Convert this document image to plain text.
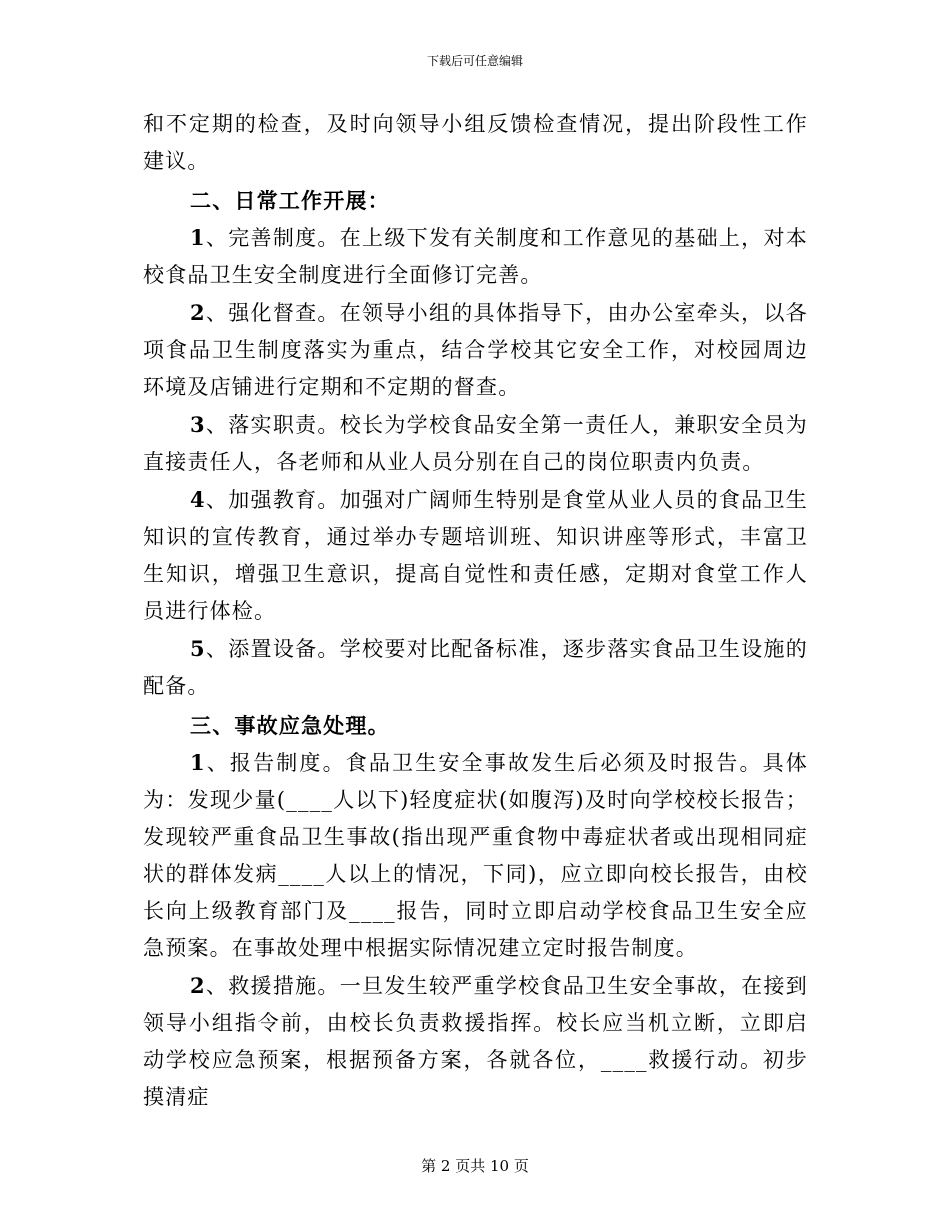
下载后可任意编辑

和不定期的检查，及时向领导小组反馈检查情况，提出阶段性工作建议。

二、日常工作开展：

1、完善制度。在上级下发有关制度和工作意见的基础上，对本校食品卫生安全制度进行全面修订完善。

2、强化督查。在领导小组的具体指导下，由办公室牵头，以各项食品卫生制度落实为重点，结合学校其它安全工作，对校园周边环境及店铺进行定期和不定期的督查。

3、落实职责。校长为学校食品安全第一责任人，兼职安全员为直接责任人，各老师和从业人员分别在自己的岗位职责内负责。

4、加强教育。加强对广阔师生特别是食堂从业人员的食品卫生知识的宣传教育，通过举办专题培训班、知识讲座等形式，丰富卫生知识，增强卫生意识，提高自觉性和责任感，定期对食堂工作人员进行体检。

5、添置设备。学校要对比配备标准，逐步落实食品卫生设施的配备。

三、事故应急处理。

1、报告制度。食品卫生安全事故发生后必须及时报告。具体为：发现少量(____人以下)轻度症状(如腹泻)及时向学校校长报告；发现较严重食品卫生事故(指出现严重食物中毒症状者或出现相同症状的群体发病____人以上的情况，下同)，应立即向校长报告，由校长向上级教育部门及____报告，同时立即启动学校食品卫生安全应急预案。在事故处理中根据实际情况建立定时报告制度。

2、救援措施。一旦发生较严重学校食品卫生安全事故，在接到领导小组指令前，由校长负责救援指挥。校长应当机立断，立即启动学校应急预案，根据预备方案，各就各位，____救援行动。初步摸清症

第 2 页共 10 页
